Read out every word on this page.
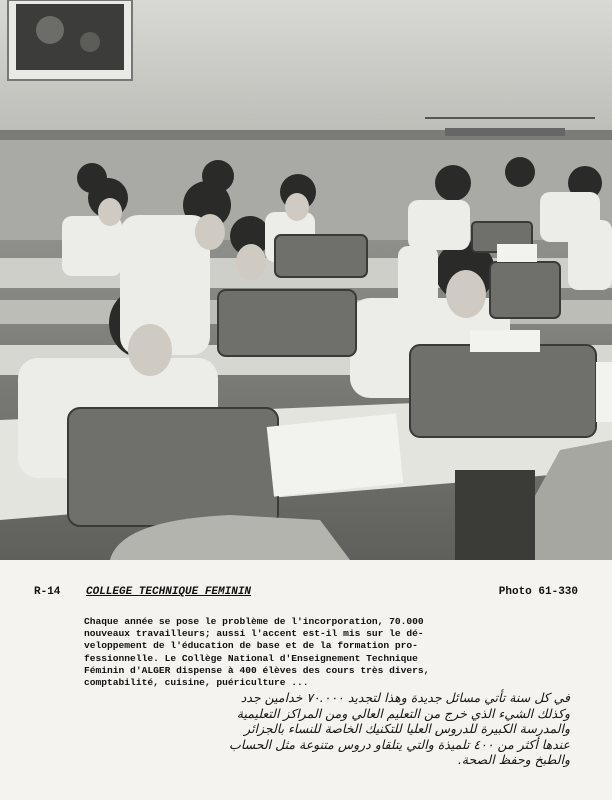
R-14 COLLEGE TECHNIQUE FEMININ	Photo 61-330
Chaque année se pose le problème de l'incorporation, 70.000
nouveaux travailleurs; aussi l'accent est-il mis sur le dé-
veloppement de l'éducation de base et de la formation pro-
fessionnelle. Le Collège National d'Enseignement Technique
Féminin d'ALGER dispense à 400 élèves des cours très divers,
comptabilité, cuisine, puériculture ...
في كل سنة تأتي مسائل جديدة وهذا لتجديد ٧٠.٠٠٠ خدامين جدد
وكذلك الشيء الذي خرج من التعليم العالي ومن المراكز التعليمية
والمدرسة الكبيرة للدروس العليا للتكنيك الخاصة للنساء بالجزائر
عندها أكثر من ٤٠٠ تلميذة والتي يتلقاو دروس متنوعة مثل الحساب
والطبخ وحفظ الصحة.
